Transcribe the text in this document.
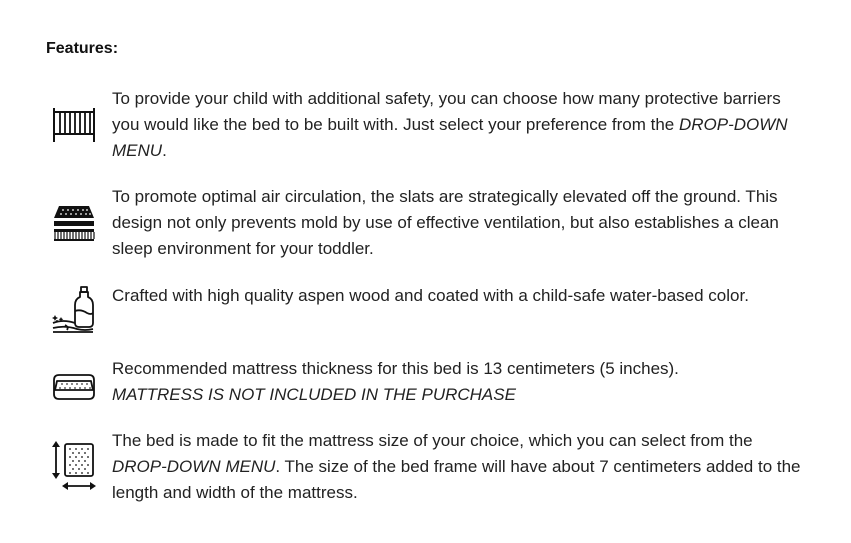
Features:

To provide your child with additional safety, you can choose how many protective barriers you would like the bed to be built with. Just select your preference from the DROP-DOWN MENU.

To promote optimal air circulation, the slats are strategically elevated off the ground. This design not only prevents mold by use of effective ventilation, but also establishes a clean sleep environment for your toddler.

Crafted with high quality aspen wood and coated with a child-safe water-based color.

Recommended mattress thickness for this bed is 13 centimeters (5 inches).
MATTRESS IS NOT INCLUDED IN THE PURCHASE

The bed is made to fit the mattress size of your choice, which you can select from the DROP-DOWN MENU. The size of the bed frame will have about 7 centimeters added to the length and width of the mattress.
